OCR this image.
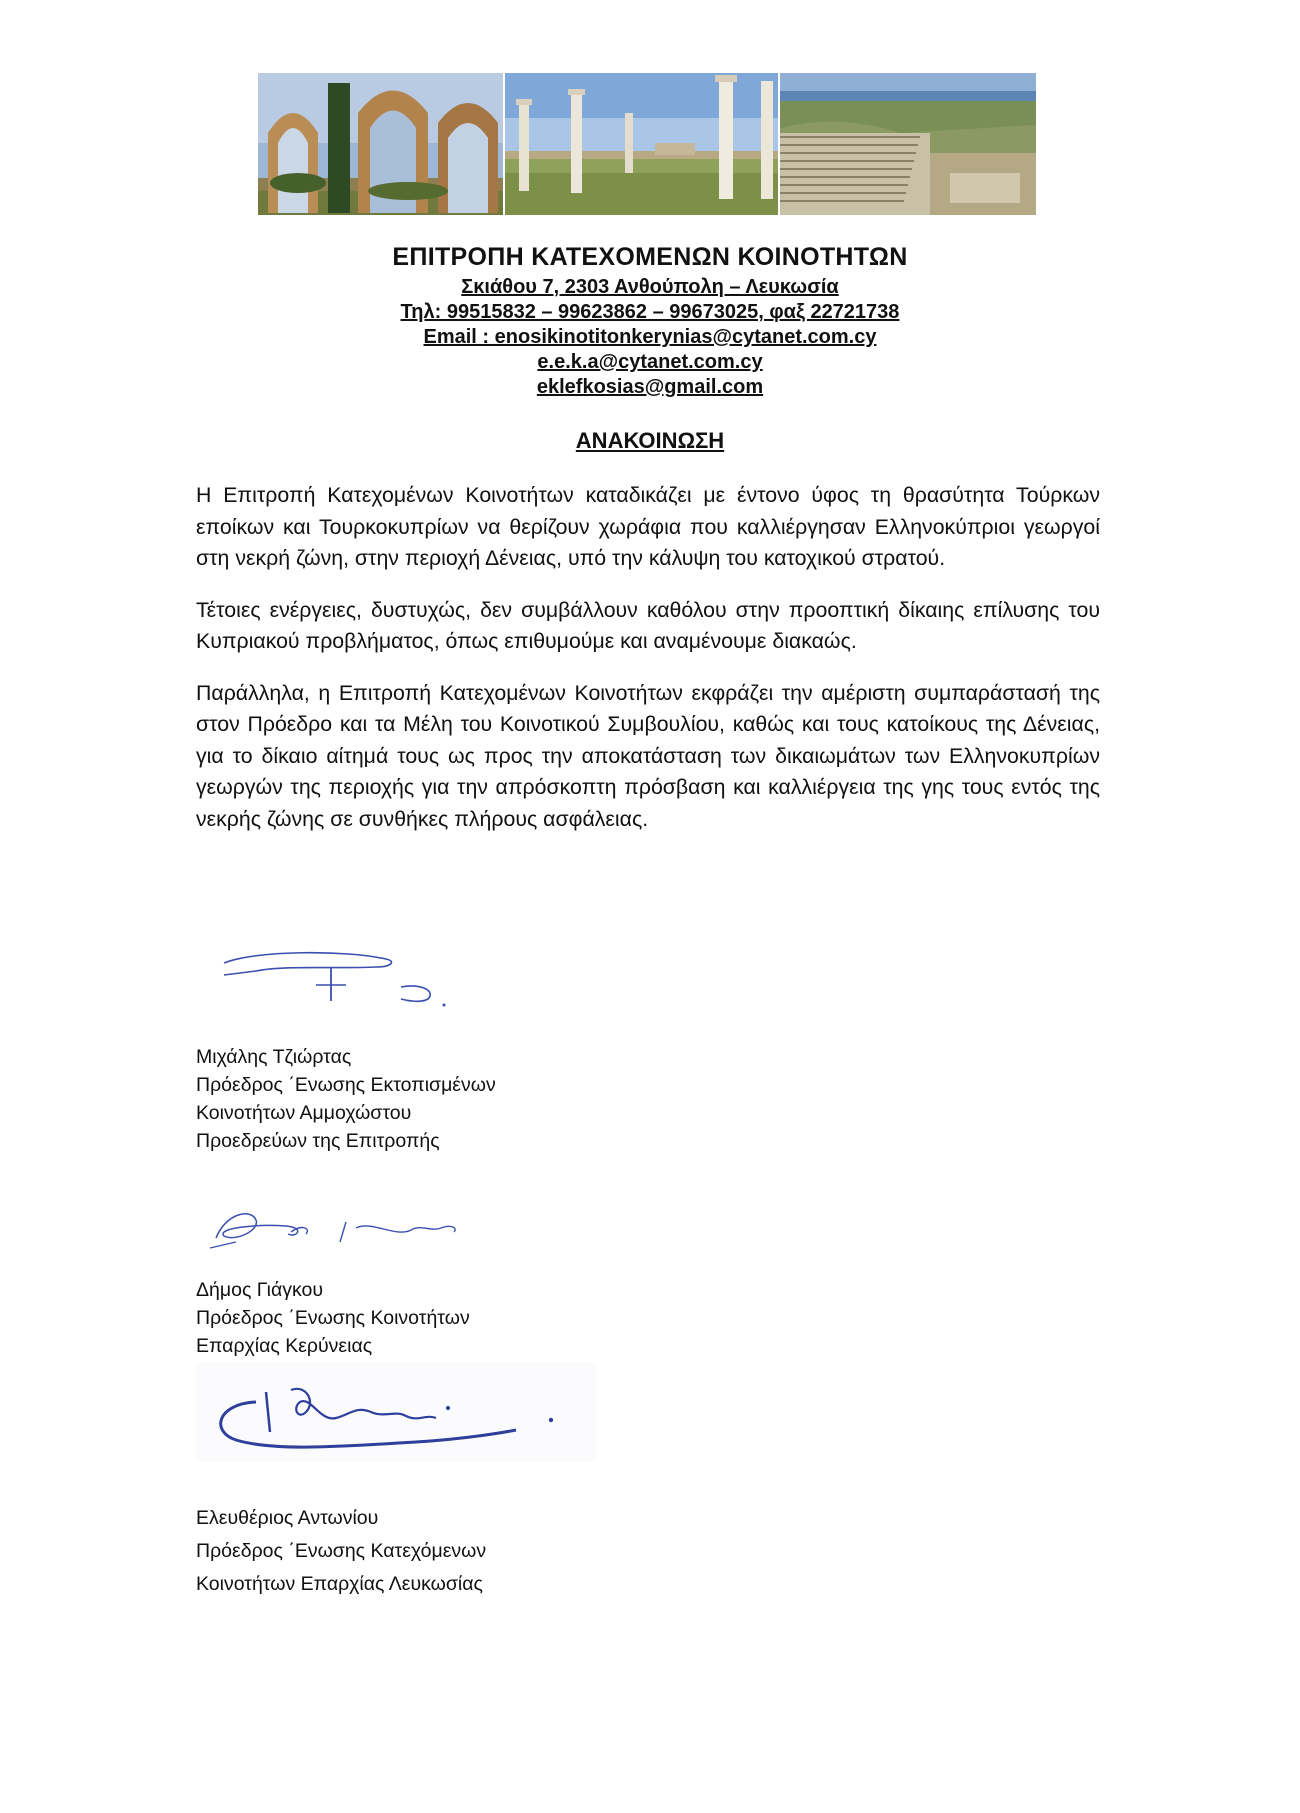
ΕΠΙΤΡΟΠΗ ΚΑΤΕΧΟΜΕΝΩΝ ΚΟΙΝΟΤΗΤΩΝ
Σκιάθου 7, 2303 Ανθούπολη – Λευκωσία
Τηλ: 99515832 – 99623862 – 99673025, φαξ 22721738
Email : enosikinotitonkerynias@cytanet.com.cy
e.e.k.a@cytanet.com.cy
eklefkosias@gmail.com
ΑΝΑΚΟΙΝΩΣΗ

Η Επιτροπή Κατεχομένων Κοινοτήτων καταδικάζει με έντονο ύφος τη θρασύτητα Τούρκων εποίκων και Τουρκοκυπρίων να θερίζουν χωράφια που καλλιέργησαν Ελληνοκύπριοι γεωργοί στη νεκρή ζώνη, στην περιοχή Δένειας, υπό την κάλυψη του κατοχικού στρατού.

Τέτοιες ενέργειες, δυστυχώς, δεν συμβάλλουν καθόλου στην προοπτική δίκαιης επίλυσης του Κυπριακού προβλήματος, όπως επιθυμούμε και αναμένουμε διακαώς.

Παράλληλα, η Επιτροπή Κατεχομένων Κοινοτήτων εκφράζει την αμέριστη συμπαράστασή της στον Πρόεδρο και τα Μέλη του Κοινοτικού Συμβουλίου, καθώς και τους κατοίκους της Δένειας, για το δίκαιο αίτημά τους ως προς την αποκατάσταση των δικαιωμάτων των Ελληνοκυπρίων γεωργών της περιοχής για την απρόσκοπτη πρόσβαση και καλλιέργεια της γης τους εντός της νεκρής ζώνης σε συνθήκες πλήρους ασφάλειας.

Μιχάλης Τζιώρτας
Πρόεδρος ΄Ενωσης Εκτοπισμένων
Κοινοτήτων Αμμοχώστου
Προεδρεύων της Επιτροπής
Δήμος Γιάγκου
Πρόεδρος ΄Ενωσης Κοινοτήτων
Επαρχίας Κερύνειας
Ελευθέριος Αντωνίου
Πρόεδρος ΄Ενωσης Κατεχόμενων
Κοινοτήτων Επαρχίας Λευκωσίας
